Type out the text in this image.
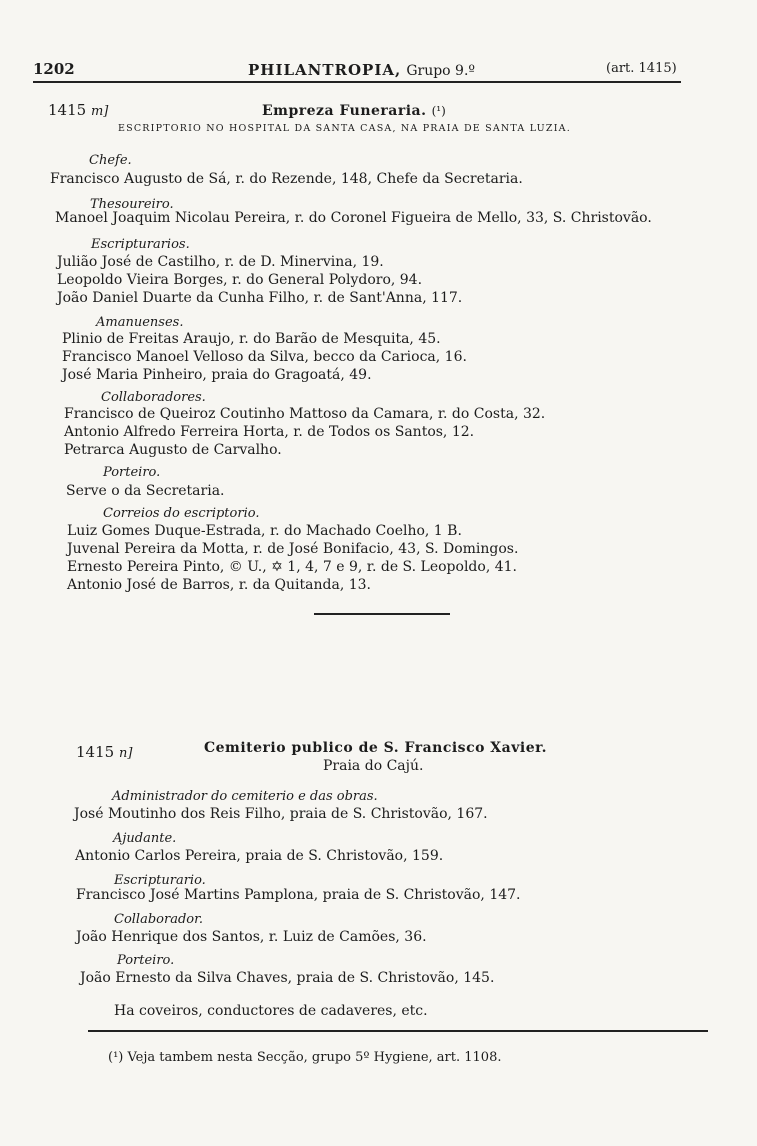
1202	PHILANTROPIA, Grupo 9.º	(art. 1415)
1415 m]	Empreza Funeraria. (¹)
ESCRIPTORIO NO HOSPITAL DA SANTA CASA, NA PRAIA DE SANTA LUZIA.
Chefe.
Francisco Augusto de Sá, r. do Rezende, 148, Chefe da Secretaria.
Thesoureiro.
Manoel Joaquim Nicolau Pereira, r. do Coronel Figueira de Mello, 33, S. Christovão.
Escripturarios.
Julião José de Castilho, r. de D. Minervina, 19.
Leopoldo Vieira Borges, r. do General Polydoro, 94.
João Daniel Duarte da Cunha Filho, r. de Sant'Anna, 117.
Amanuenses.
Plinio de Freitas Araujo, r. do Barão de Mesquita, 45.
Francisco Manoel Velloso da Silva, becco da Carioca, 16.
José Maria Pinheiro, praia do Gragoatá, 49.
Collaboradores.
Francisco de Queiroz Coutinho Mattoso da Camara, r. do Costa, 32.
Antonio Alfredo Ferreira Horta, r. de Todos os Santos, 12.
Petrarca Augusto de Carvalho.
Porteiro.
Serve o da Secretaria.
Correios do escriptorio.
Luiz Gomes Duque-Estrada, r. do Machado Coelho, 1 B.
Juvenal Pereira da Motta, r. de José Bonifacio, 43, S. Domingos.
Ernesto Pereira Pinto, © U., ✡ 1, 4, 7 e 9, r. de S. Leopoldo, 41.
Antonio José de Barros, r. da Quitanda, 13.
1415 n]	Cemiterio publico de S. Francisco Xavier.
Praia do Cajú.
Administrador do cemiterio e das obras.
José Moutinho dos Reis Filho, praia de S. Christovão, 167.
Ajudante.
Antonio Carlos Pereira, praia de S. Christovão, 159.
Escripturario.
Francisco José Martins Pamplona, praia de S. Christovão, 147.
Collaborador.
João Henrique dos Santos, r. Luiz de Camões, 36.
Porteiro.
João Ernesto da Silva Chaves, praia de S. Christovão, 145.
Ha coveiros, conductores de cadaveres, etc.
(¹) Veja tambem nesta Secção, grupo 5º Hygiene, art. 1108.
